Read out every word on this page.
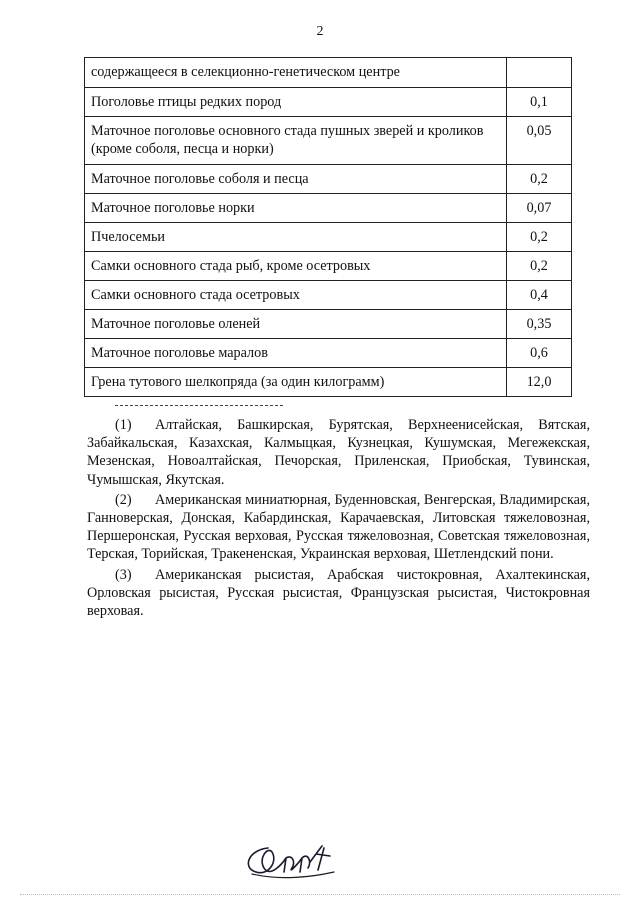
2
содержащееся в селекционно-генетическом центре	
Поголовье птицы редких пород	0,1
Маточное поголовье основного стада пушных зверей и кроликов (кроме соболя, песца и норки)	0,05
Маточное поголовье соболя и песца	0,2
Маточное поголовье норки	0,07
Пчелосемьи	0,2
Самки основного стада рыб, кроме осетровых	0,2
Самки основного стада осетровых	0,4
Маточное поголовье оленей	0,35
Маточное поголовье маралов	0,6
Грена тутового шелкопряда (за один килограмм)	12,0

(1) Алтайская, Башкирская, Бурятская, Верхнеенисейская, Вятская, Забайкальская, Казахская, Калмыцкая, Кузнецкая, Кушумская, Мегежекская, Мезенская, Новоалтайская, Печорская, Приленская, Приобская, Тувинская, Чумышская, Якутская.

(2) Американская миниатюрная, Буденновская, Венгерская, Владимирская, Ганноверская, Донская, Кабардинская, Карачаевская, Литовская тяжеловозная, Першеронская, Русская верховая, Русская тяжеловозная, Советская тяжеловозная, Терская, Торийская, Тракененская, Украинская верховая, Шетлендский пони.

(3) Американская рысистая, Арабская чистокровная, Ахалтекинская, Орловская рысистая, Русская рысистая, Французская рысистая, Чистокровная верховая.
